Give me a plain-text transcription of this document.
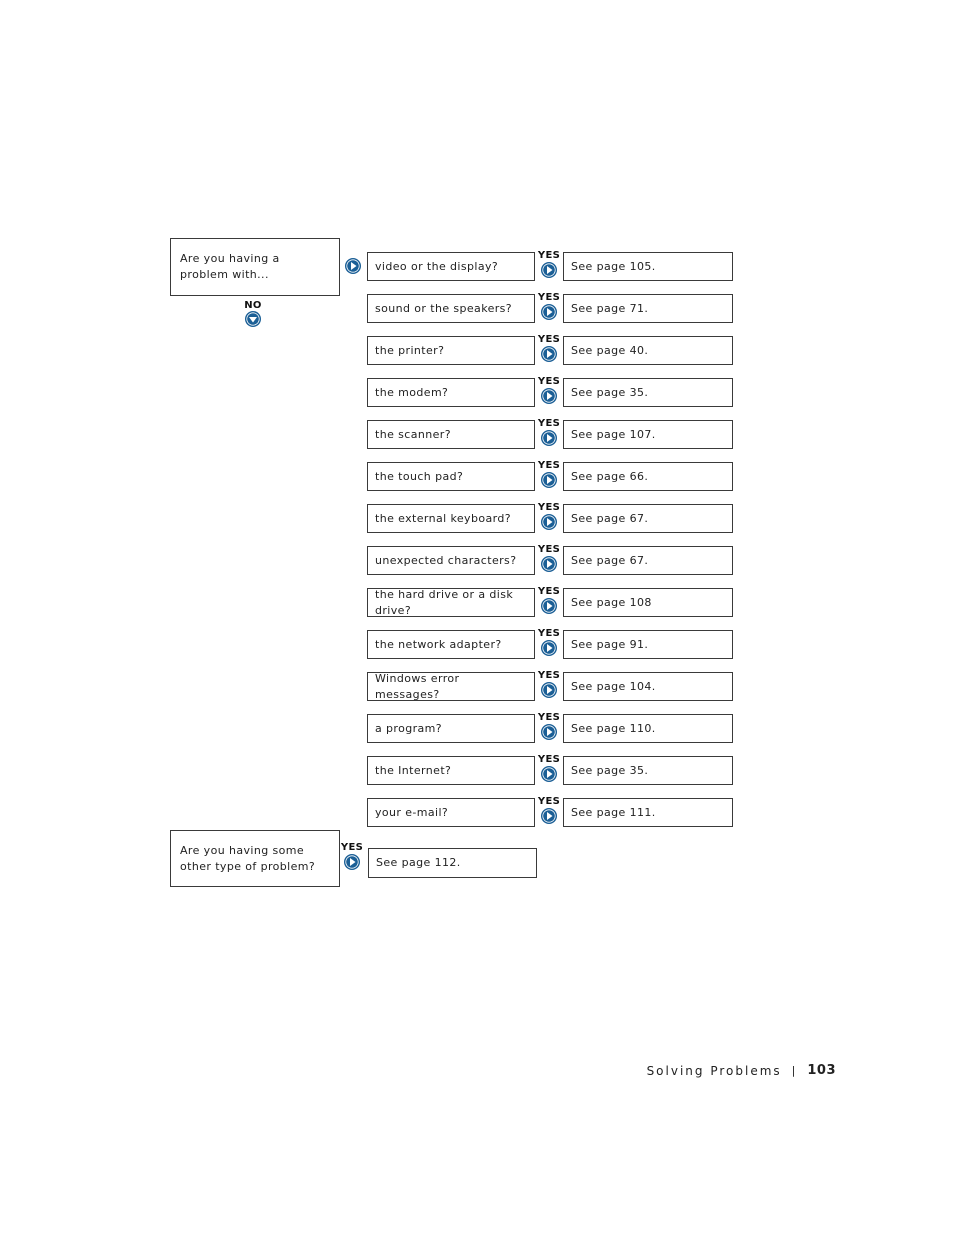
Are you having a problem with...
NO
video or the display?
YES
See page 105.
sound or the speakers?
YES
See page 71.
the printer?
YES
See page 40.
the modem?
YES
See page 35.
the scanner?
YES
See page 107.
the touch pad?
YES
See page 66.
the external keyboard?
YES
See page 67.
unexpected characters?
YES
See page 67.
the hard drive or a disk drive?
YES
See page 108
the network adapter?
YES
See page 91.
Windows error messages?
YES
See page 104.
a program?
YES
See page 110.
the Internet?
YES
See page 35.
your e-mail?
YES
See page 111.
Are you having some other type of problem?
YES
See page 112.
Solving Problems | 103
